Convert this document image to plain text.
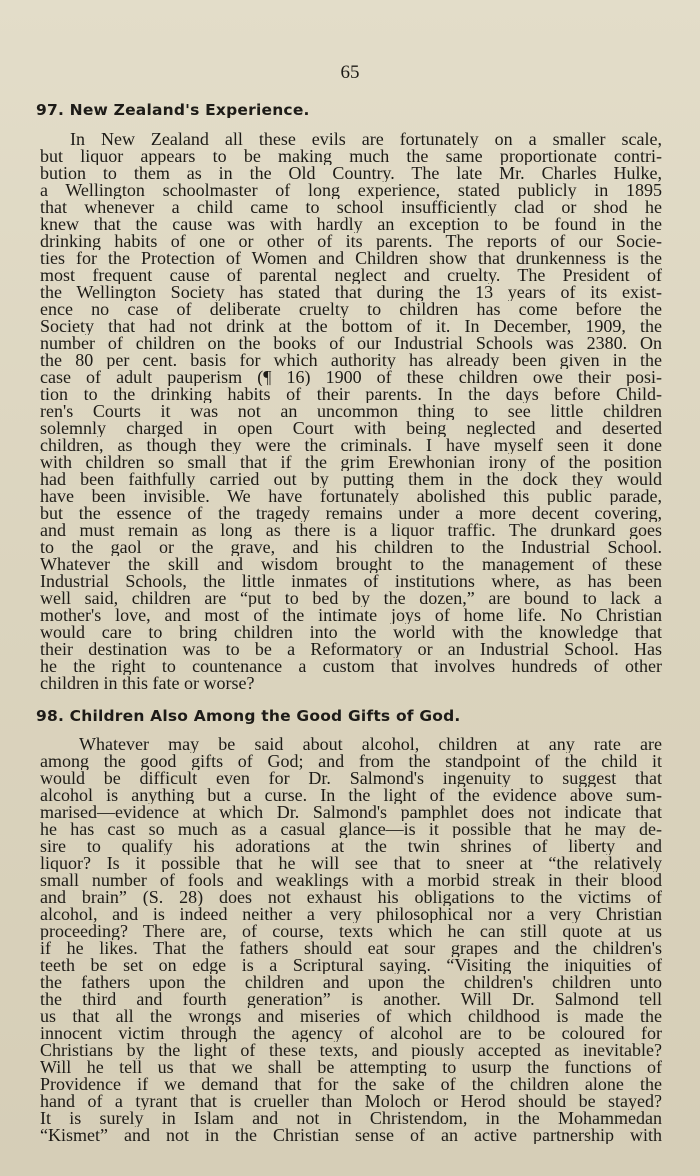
65
97. New Zealand's Experience.
In New Zealand all these evils are fortunately on a smaller scale,
but liquor appears to be making much the same proportionate contri-
bution to them as in the Old Country. The late Mr. Charles Hulke,
a Wellington schoolmaster of long experience, stated publicly in 1895
that whenever a child came to school insufficiently clad or shod he
knew that the cause was with hardly an exception to be found in the
drinking habits of one or other of its parents. The reports of our Socie-
ties for the Protection of Women and Children show that drunkenness is the
most frequent cause of parental neglect and cruelty. The President of
the Wellington Society has stated that during the 13 years of its exist-
ence no case of deliberate cruelty to children has come before the
Society that had not drink at the bottom of it. In December, 1909, the
number of children on the books of our Industrial Schools was 2380. On
the 80 per cent. basis for which authority has already been given in the
case of adult pauperism (¶ 16) 1900 of these children owe their posi-
tion to the drinking habits of their parents. In the days before Child-
ren's Courts it was not an uncommon thing to see little children
solemnly charged in open Court with being neglected and deserted
children, as though they were the criminals. I have myself seen it done
with children so small that if the grim Erewhonian irony of the position
had been faithfully carried out by putting them in the dock they would
have been invisible. We have fortunately abolished this public parade,
but the essence of the tragedy remains under a more decent covering,
and must remain as long as there is a liquor traffic. The drunkard goes
to the gaol or the grave, and his children to the Industrial School.
Whatever the skill and wisdom brought to the management of these
Industrial Schools, the little inmates of institutions where, as has been
well said, children are “put to bed by the dozen,” are bound to lack a
mother's love, and most of the intimate joys of home life. No Christian
would care to bring children into the world with the knowledge that
their destination was to be a Reformatory or an Industrial School. Has
he the right to countenance a custom that involves hundreds of other
children in this fate or worse?
98. Children Also Among the Good Gifts of God.
Whatever may be said about alcohol, children at any rate are
among the good gifts of God; and from the standpoint of the child it
would be difficult even for Dr. Salmond's ingenuity to suggest that
alcohol is anything but a curse. In the light of the evidence above sum-
marised—evidence at which Dr. Salmond's pamphlet does not indicate that
he has cast so much as a casual glance—is it possible that he may de-
sire to qualify his adorations at the twin shrines of liberty and
liquor? Is it possible that he will see that to sneer at “the relatively
small number of fools and weaklings with a morbid streak in their blood
and brain” (S. 28) does not exhaust his obligations to the victims of
alcohol, and is indeed neither a very philosophical nor a very Christian
proceeding? There are, of course, texts which he can still quote at us
if he likes. That the fathers should eat sour grapes and the children's
teeth be set on edge is a Scriptural saying. “Visiting the iniquities of
the fathers upon the children and upon the children's children unto
the third and fourth generation” is another. Will Dr. Salmond tell
us that all the wrongs and miseries of which childhood is made the
innocent victim through the agency of alcohol are to be coloured for
Christians by the light of these texts, and piously accepted as inevitable?
Will he tell us that we shall be attempting to usurp the functions of
Providence if we demand that for the sake of the children alone the
hand of a tyrant that is crueller than Moloch or Herod should be stayed?
It is surely in Islam and not in Christendom, in the Mohammedan
“Kismet” and not in the Christian sense of an active partnership with
